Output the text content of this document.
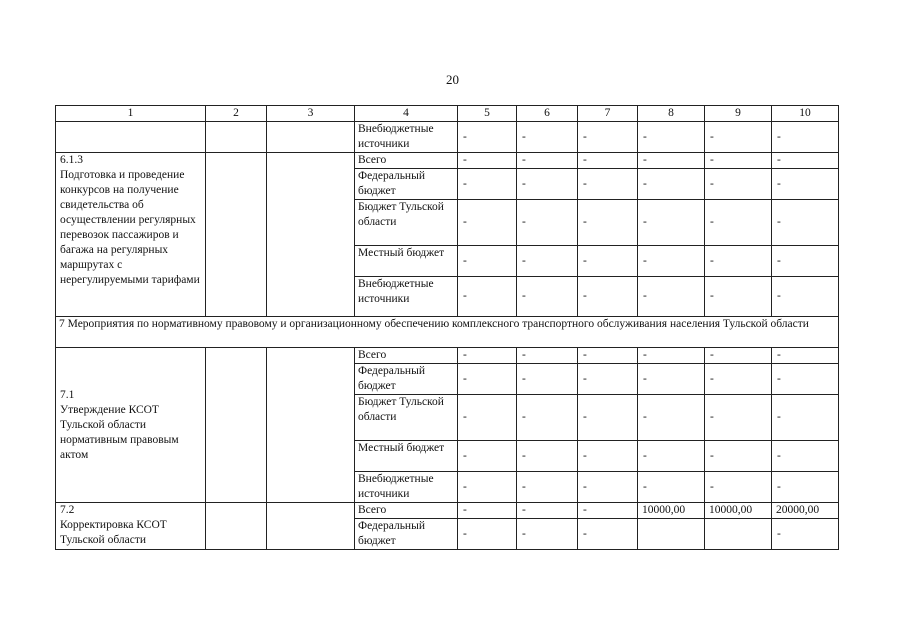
20
1	2	3	4	5	6	7	8	9	10
			Внебюджетные источники	-	-	-	-	-	-
6.1.3
Подготовка и проведение конкурсов на получение свидетельства об осуществлении регулярных перевозок пассажиров и багажа на регулярных маршрутах с нерегулируемыми тарифами			Всего	-	-	-	-	-	-
			Федеральный бюджет	-	-	-	-	-	-
			Бюджет Тульской области	-	-	-	-	-	-
			Местный бюджет	-	-	-	-	-	-
			Внебюджетные источники	-	-	-	-	-	-
7 Мероприятия по нормативному правовому и организационному обеспечению комплексного транспортного обслуживания населения Тульской области									
7.1
Утверждение КСОТ Тульской области нормативным правовым актом			Всего	-	-	-	-	-	-
			Федеральный бюджет	-	-	-	-	-	-
			Бюджет Тульской области	-	-	-	-	-	-
			Местный бюджет	-	-	-	-	-	-
			Внебюджетные источники	-	-	-	-	-	-
7.2
Корректировка КСОТ Тульской области			Всего	-	-	-	10000,00	10000,00	20000,00
			Федеральный бюджет	-	-	-			-
